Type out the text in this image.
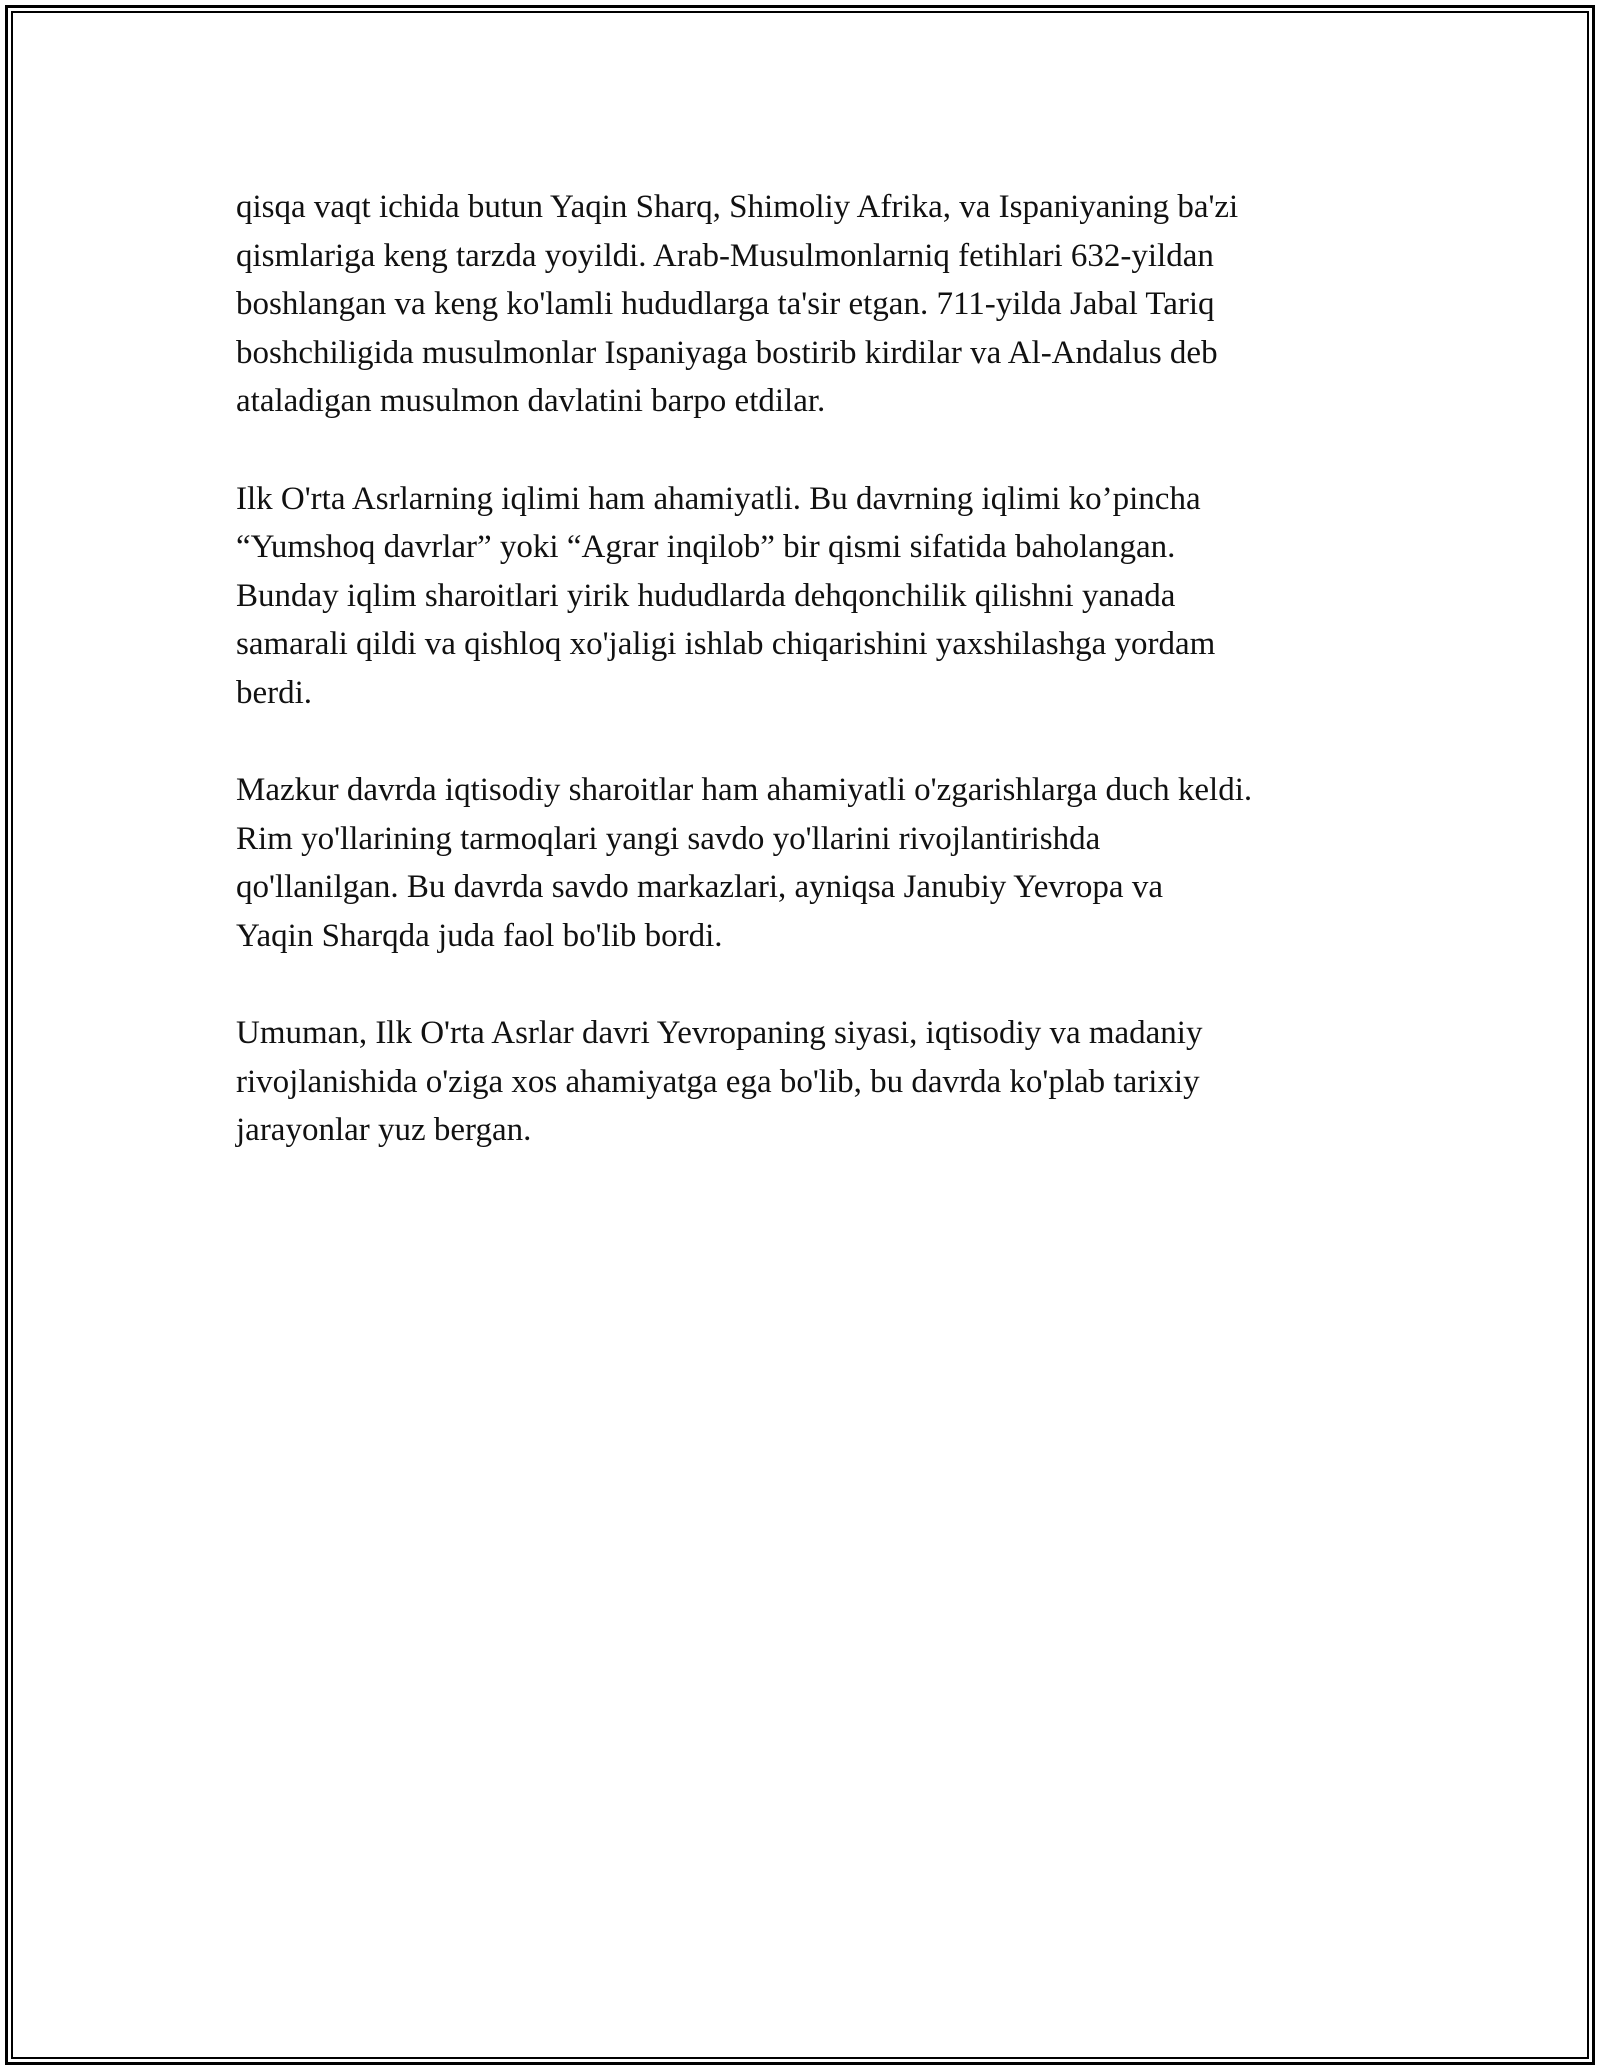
qisqa vaqt ichida butun Yaqin Sharq, Shimoliy Afrika, va Ispaniyaning ba'zi
qismlariga keng tarzda yoyildi. Arab-Musulmonlarniq fetihlari 632-yildan
boshlangan va keng ko'lamli hududlarga ta'sir etgan. 711-yilda Jabal Tariq
boshchiligida musulmonlar Ispaniyaga bostirib kirdilar va Al-Andalus deb
ataladigan musulmon davlatini barpo etdilar.

Ilk O'rta Asrlarning iqlimi ham ahamiyatli. Bu davrning iqlimi ko’pincha
“Yumshoq davrlar” yoki “Agrar inqilob” bir qismi sifatida baholangan.
Bunday iqlim sharoitlari yirik hududlarda dehqonchilik qilishni yanada
samarali qildi va qishloq xo'jaligi ishlab chiqarishini yaxshilashga yordam
berdi.

Mazkur davrda iqtisodiy sharoitlar ham ahamiyatli o'zgarishlarga duch keldi.
Rim yo'llarining tarmoqlari yangi savdo yo'llarini rivojlantirishda
qo'llanilgan. Bu davrda savdo markazlari, ayniqsa Janubiy Yevropa va
Yaqin Sharqda juda faol bo'lib bordi.

Umuman, Ilk O'rta Asrlar davri Yevropaning siyasi, iqtisodiy va madaniy
rivojlanishida o'ziga xos ahamiyatga ega bo'lib, bu davrda ko'plab tarixiy
jarayonlar yuz bergan.
